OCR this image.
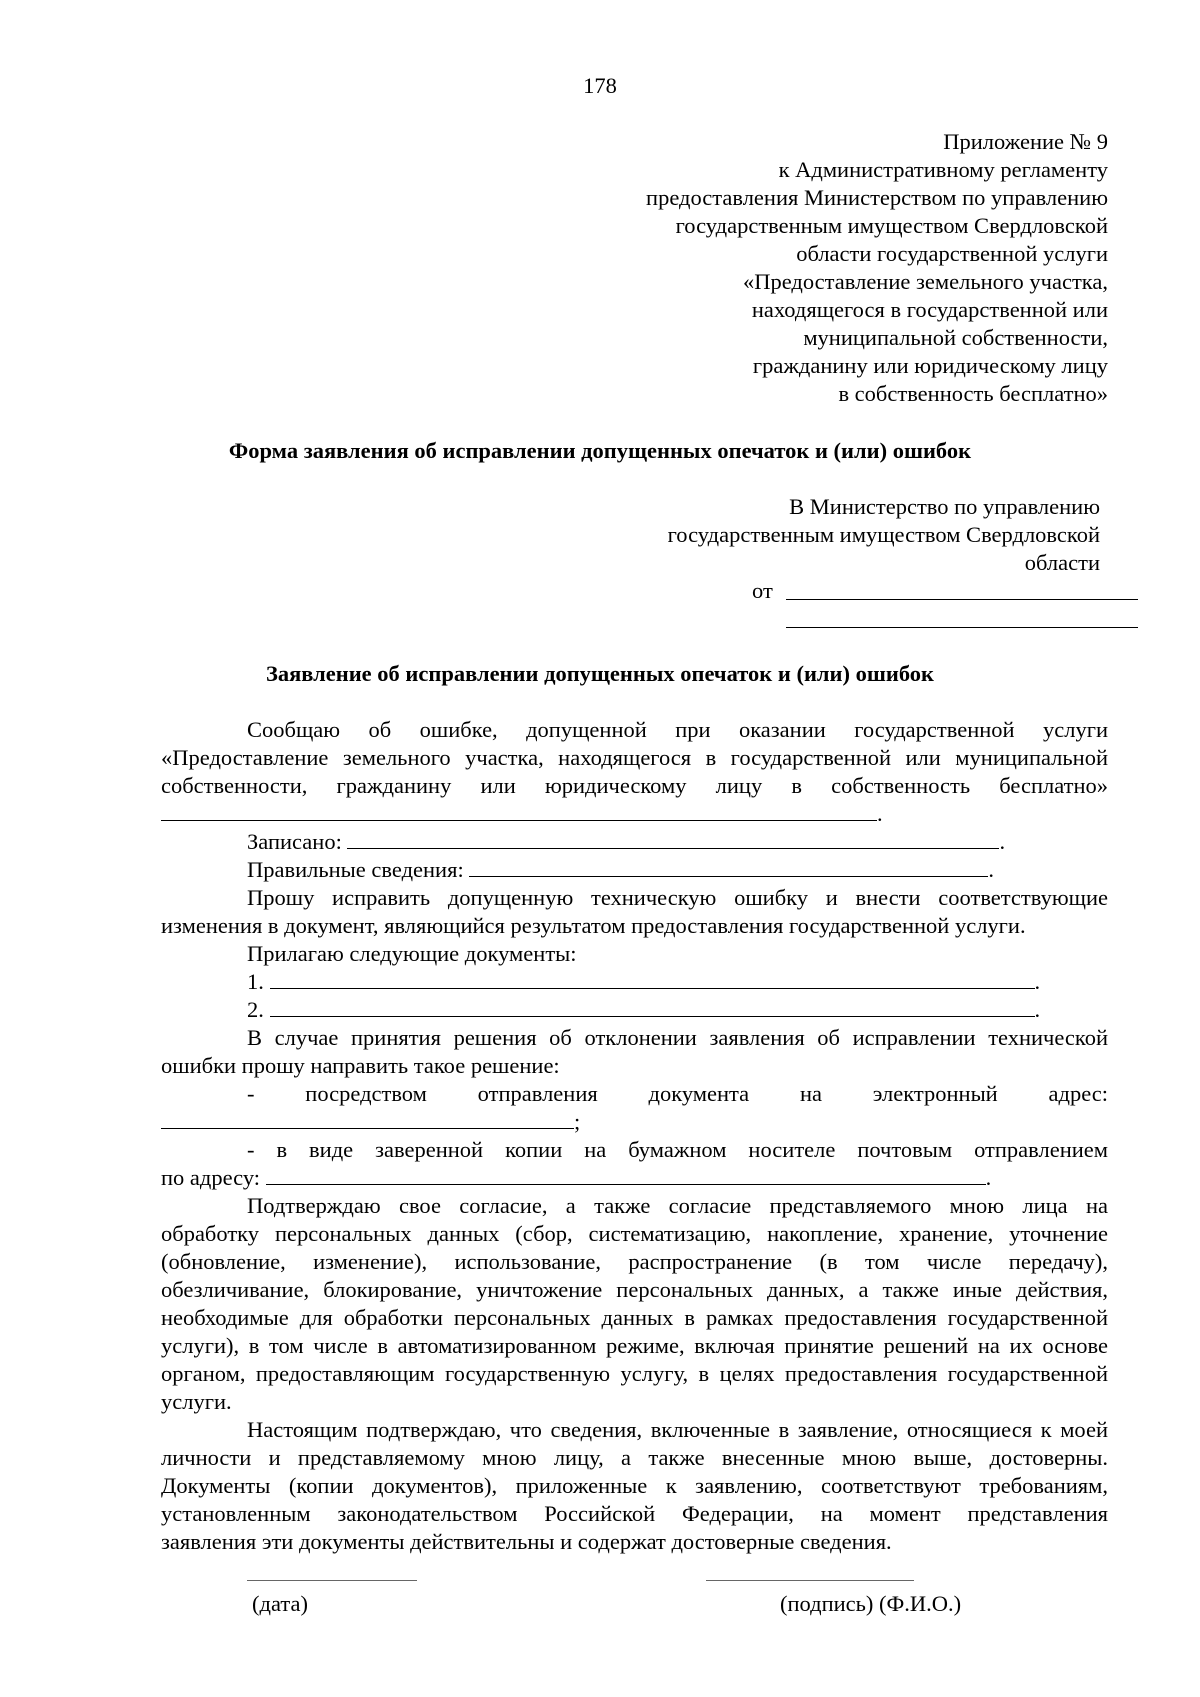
178
Приложение № 9
к Административному регламенту
предоставления Министерством по управлению
государственным имуществом Свердловской
области государственной услуги
«Предоставление земельного участка,
находящегося в государственной или
муниципальной собственности,
гражданину или юридическому лицу
в собственность бесплатно»
Форма заявления об исправлении допущенных опечаток и (или) ошибок
В Министерство по управлению
государственным имуществом Свердловской
области
от
Заявление об исправлении допущенных опечаток и (или) ошибок
Сообщаю об ошибке, допущенной при оказании государственной услуги
«Предоставление земельного участка, находящегося в государственной или муниципальной
собственности, гражданину или юридическому лицу в собственность бесплатно»
.
Записано:	.
Правильные сведения:	.
Прошу исправить допущенную техническую ошибку и внести соответствующие
изменения в документ, являющийся результатом предоставления государственной услуги.
Прилагаю следующие документы:
1.	.
2.	.
В случае принятия решения об отклонении заявления об исправлении технической
ошибки прошу направить такое решение:
- посредством отправления документа на электронный адрес:
;
- в виде заверенной копии на бумажном носителе почтовым отправлением
по адресу:	.
Подтверждаю свое согласие, а также согласие представляемого мною лица на
обработку персональных данных (сбор, систематизацию, накопление, хранение, уточнение
(обновление, изменение), использование, распространение (в том числе передачу),
обезличивание, блокирование, уничтожение персональных данных, а также иные действия,
необходимые для обработки персональных данных в рамках предоставления государственной
услуги), в том числе в автоматизированном режиме, включая принятие решений на их основе
органом, предоставляющим государственную услугу, в целях предоставления государственной
услуги.
Настоящим подтверждаю, что сведения, включенные в заявление, относящиеся к моей
личности и представляемому мною лицу, а также внесенные мною выше, достоверны.
Документы (копии документов), приложенные к заявлению, соответствуют требованиям,
установленным законодательством Российской Федерации, на момент представления
заявления эти документы действительны и содержат достоверные сведения.
(дата)	(подпись) (Ф.И.О.)
